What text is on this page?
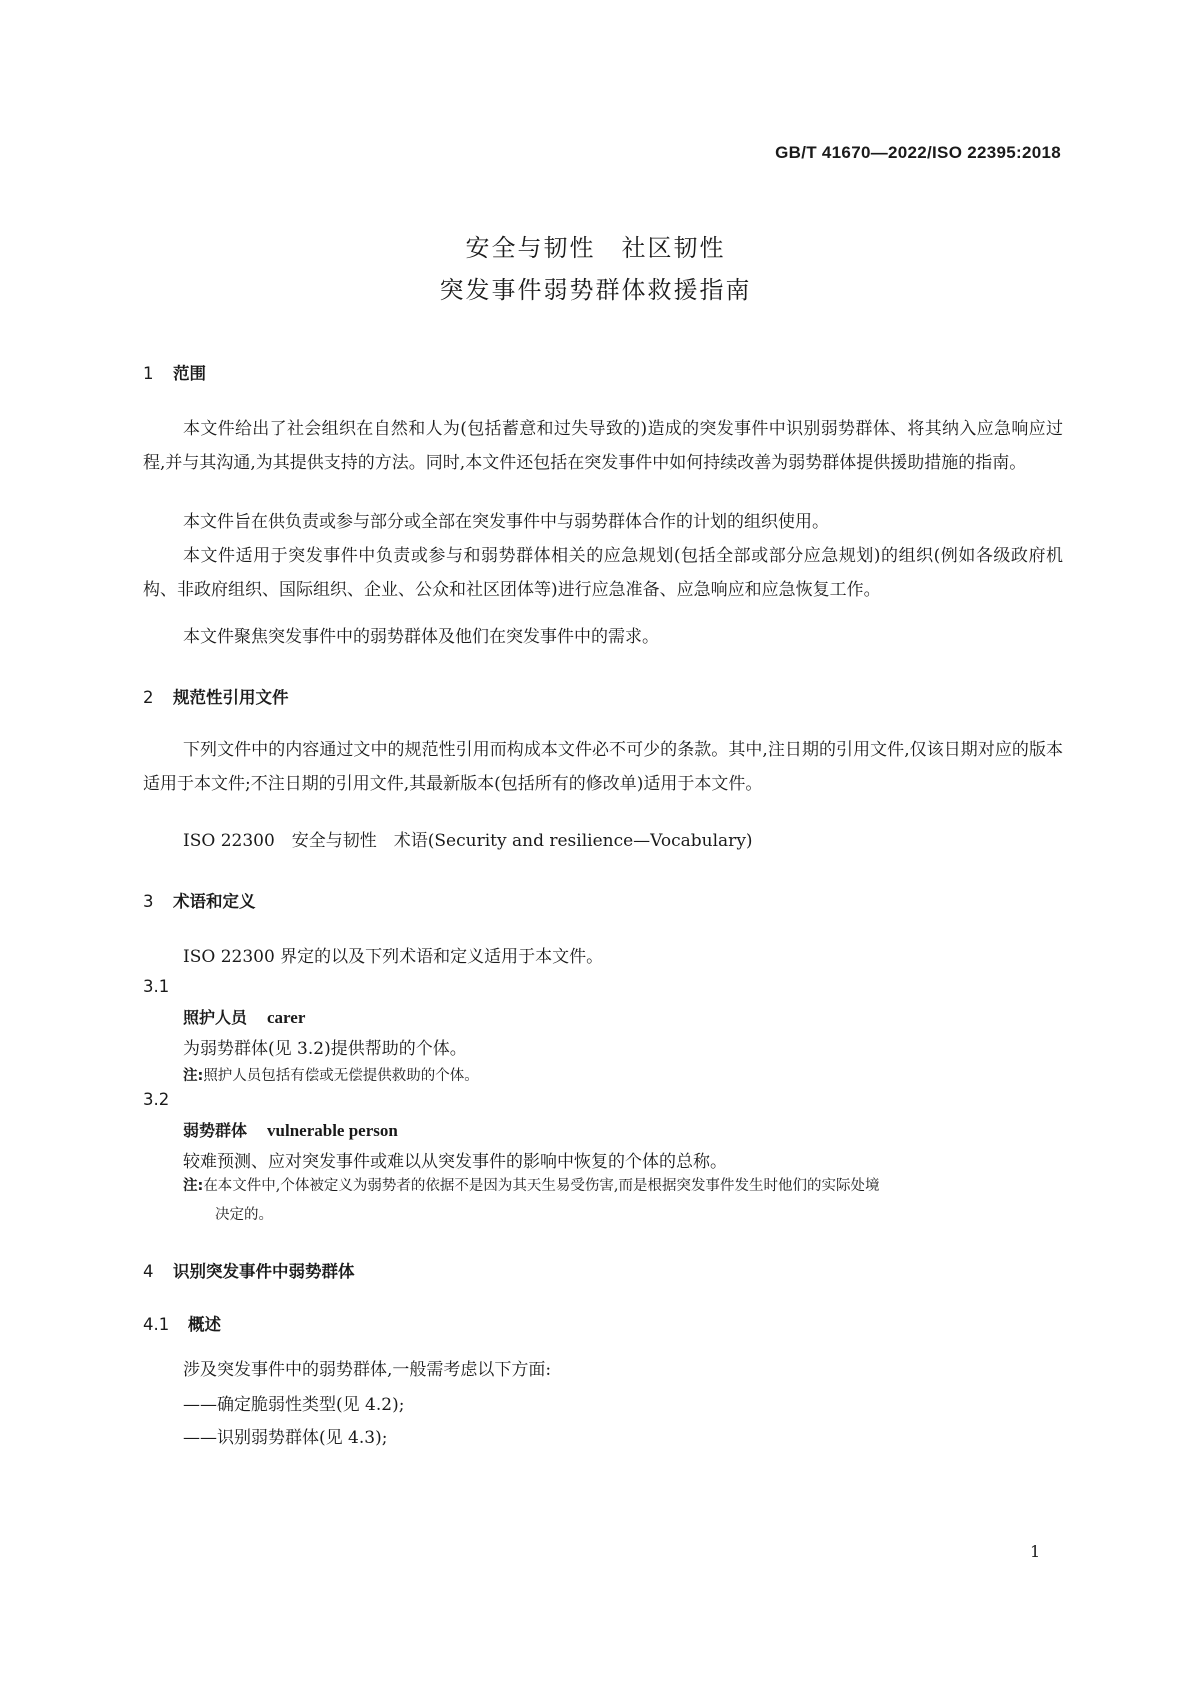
GB/T 41670—2022/ISO 22395:2018
安全与韧性　社区韧性
突发事件弱势群体救援指南
1 范围
本文件给出了社会组织在自然和人为(包括蓄意和过失导致的)造成的突发事件中识别弱势群体、将其纳入应急响应过程,并与其沟通,为其提供支持的方法。同时,本文件还包括在突发事件中如何持续改善为弱势群体提供援助措施的指南。
本文件旨在供负责或参与部分或全部在突发事件中与弱势群体合作的计划的组织使用。
本文件适用于突发事件中负责或参与和弱势群体相关的应急规划(包括全部或部分应急规划)的组织(例如各级政府机构、非政府组织、国际组织、企业、公众和社区团体等)进行应急准备、应急响应和应急恢复工作。
本文件聚焦突发事件中的弱势群体及他们在突发事件中的需求。
2 规范性引用文件
下列文件中的内容通过文中的规范性引用而构成本文件必不可少的条款。其中,注日期的引用文件,仅该日期对应的版本适用于本文件;不注日期的引用文件,其最新版本(包括所有的修改单)适用于本文件。
ISO 22300　安全与韧性　术语(Security and resilience—Vocabulary)
3 术语和定义
ISO 22300 界定的以及下列术语和定义适用于本文件。
3.1
照护人员 carer
为弱势群体(见 3.2)提供帮助的个体。
注:照护人员包括有偿或无偿提供救助的个体。
3.2
弱势群体 vulnerable person
较难预测、应对突发事件或难以从突发事件的影响中恢复的个体的总称。
注:在本文件中,个体被定义为弱势者的依据不是因为其天生易受伤害,而是根据突发事件发生时他们的实际处境
决定的。
4 识别突发事件中弱势群体
4.1 概述
涉及突发事件中的弱势群体,一般需考虑以下方面:
——确定脆弱性类型(见 4.2);
——识别弱势群体(见 4.3);
1
